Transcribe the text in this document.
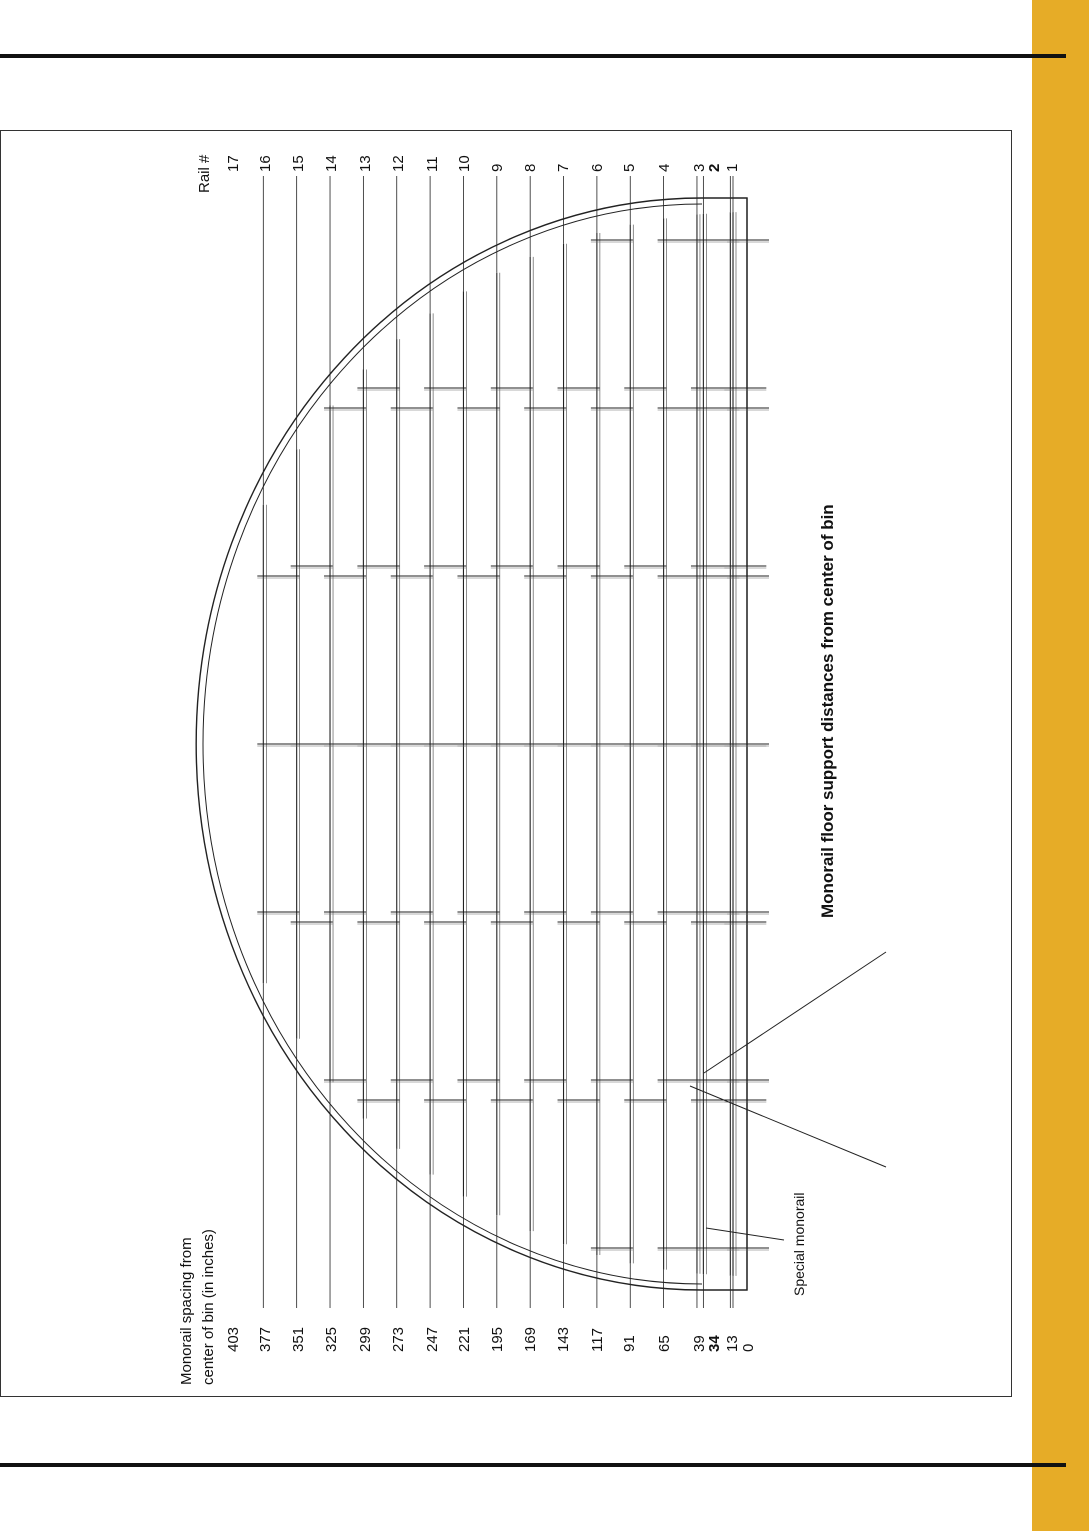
17 16 15 14 13 12 11 10 9 8 7 6 5 4 3
2 1
403 377 351 325 299 273 247 221 195 169 143 117 91 65 39
34 13 0
Rail #
Monorail spacing from center of bin (in inches)
Monorail floor support distances from center of bin
Special monorail
